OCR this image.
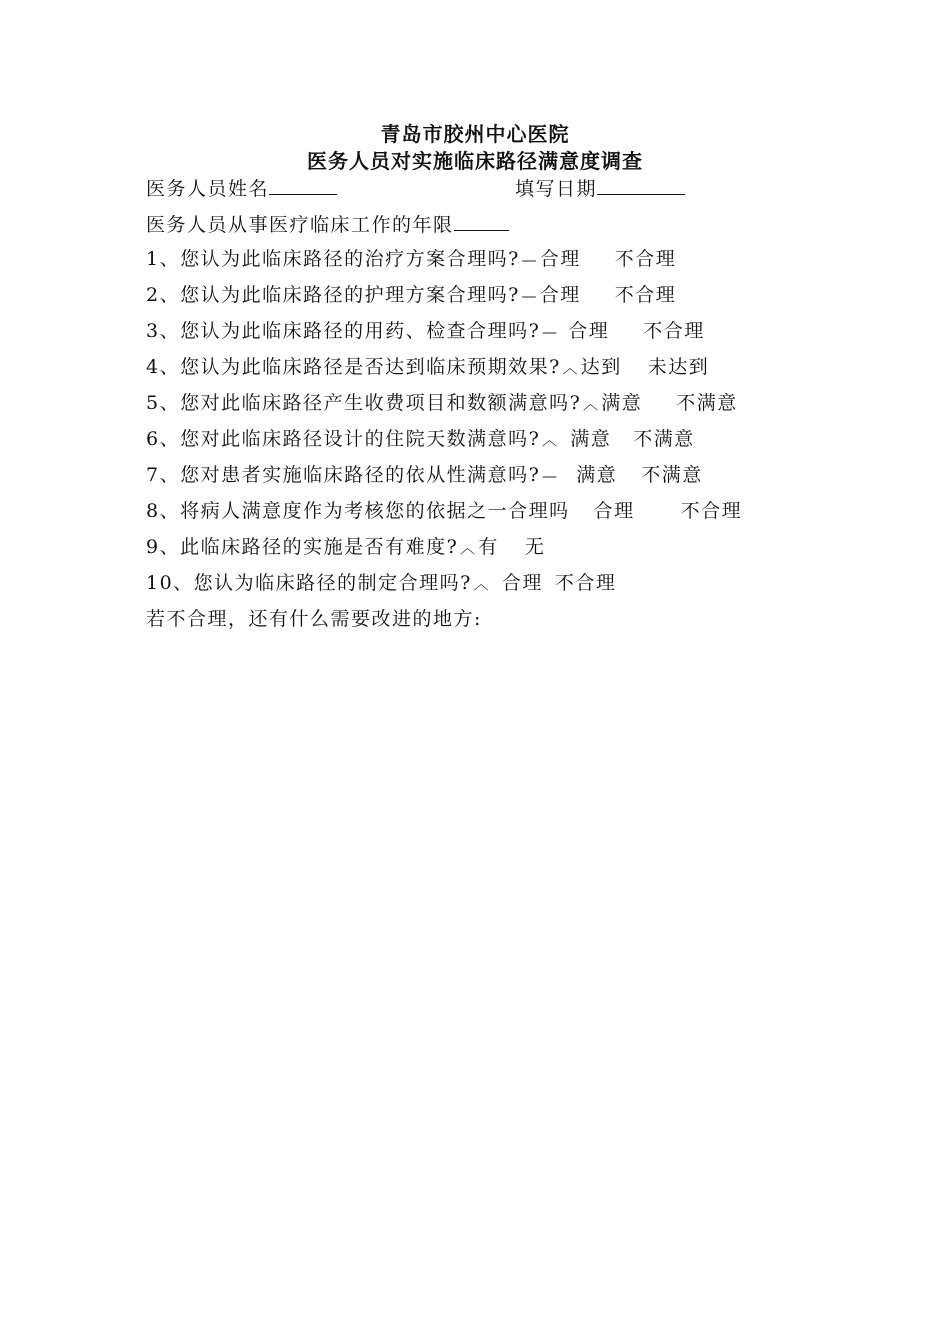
青岛市胶州中心医院
医务人员对实施临床路径满意度调查
医务人员姓名	填写日期
医务人员从事医疗临床工作的年限
1、您认为此临床路径的治疗方案合理吗? —合理 不合理
2、您认为此临床路径的护理方案合理吗? —合理 不合理
3、您认为此临床路径的用药、检查合理吗? — 合理 不合理
4、您认为此临床路径是否达到临床预期效果? ︿达到 未达到
5、您对此临床路径产生收费项目和数额满意吗? ︿满意 不满意
6、您对此临床路径设计的住院天数满意吗? ︿ 满意 不满意
7、您对患者实施临床路径的依从性满意吗? — 满意 不满意
8、将病人满意度作为考核您的依据之一合理吗 合理 不合理
9、此临床路径的实施是否有难度? ︿有 无
10、您认为临床路径的制定合理吗? ︿ 合理 不合理
若不合理，还有什么需要改进的地方:
